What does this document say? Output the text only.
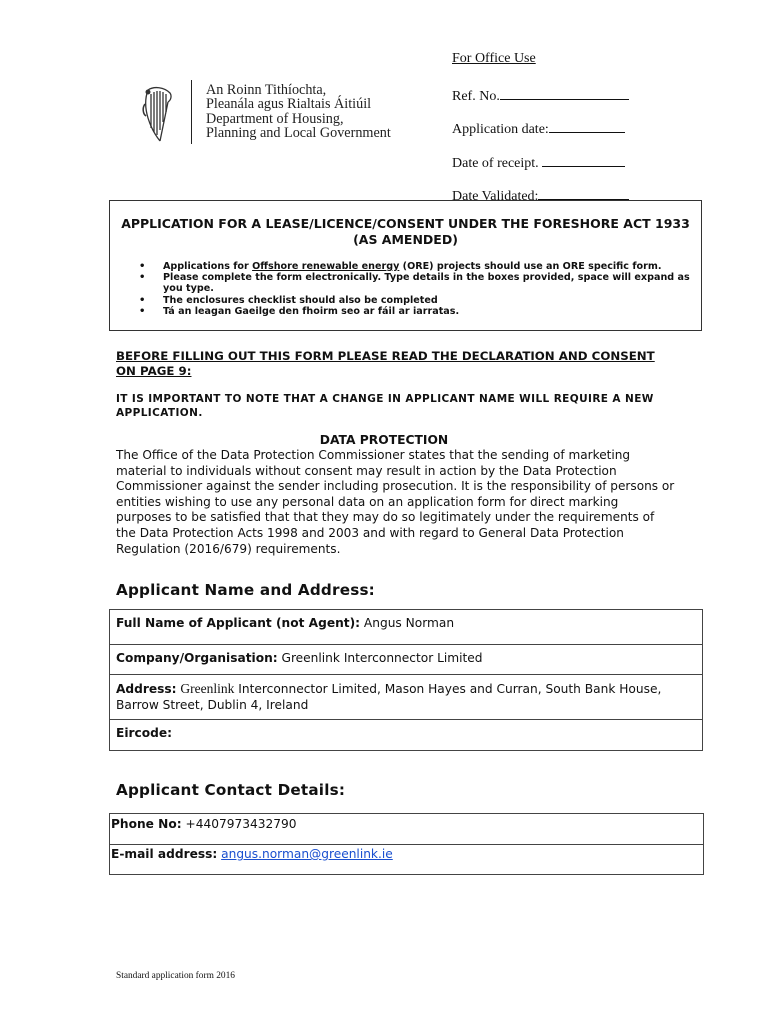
For Office Use
Ref. No.
Application date:
Date of receipt.
Date Validated:
An Roinn Tithíochta,
Pleanála agus Rialtais Áitiúil
Department of Housing,
Planning and Local Government
APPLICATION FOR A LEASE/LICENCE/CONSENT UNDER THE FORESHORE ACT 1933 (AS AMENDED)
• Applications for Offshore renewable energy (ORE) projects should use an ORE specific form.
• Please complete the form electronically. Type details in the boxes provided, space will expand as you type.
• The enclosures checklist should also be completed
• Tá an leagan Gaeilge den fhoirm seo ar fáil ar iarratas.
BEFORE FILLING OUT THIS FORM PLEASE READ THE DECLARATION AND CONSENT ON PAGE 9:
IT IS IMPORTANT TO NOTE THAT A CHANGE IN APPLICANT NAME WILL REQUIRE A NEW APPLICATION.
DATA PROTECTION
The Office of the Data Protection Commissioner states that the sending of marketing material to individuals without consent may result in action by the Data Protection Commissioner against the sender including prosecution. It is the responsibility of persons or entities wishing to use any personal data on an application form for direct marking purposes to be satisfied that that they may do so legitimately under the requirements of the Data Protection Acts 1998 and 2003 and with regard to General Data Protection Regulation (2016/679) requirements.
Applicant Name and Address:
Full Name of Applicant (not Agent): Angus Norman
Company/Organisation: Greenlink Interconnector Limited
Address: Greenlink Interconnector Limited, Mason Hayes and Curran, South Bank House, Barrow Street, Dublin 4, Ireland
Eircode:
Applicant Contact Details:
Phone No: +4407973432790
E-mail address: angus.norman@greenlink.ie
Standard application form 2016
